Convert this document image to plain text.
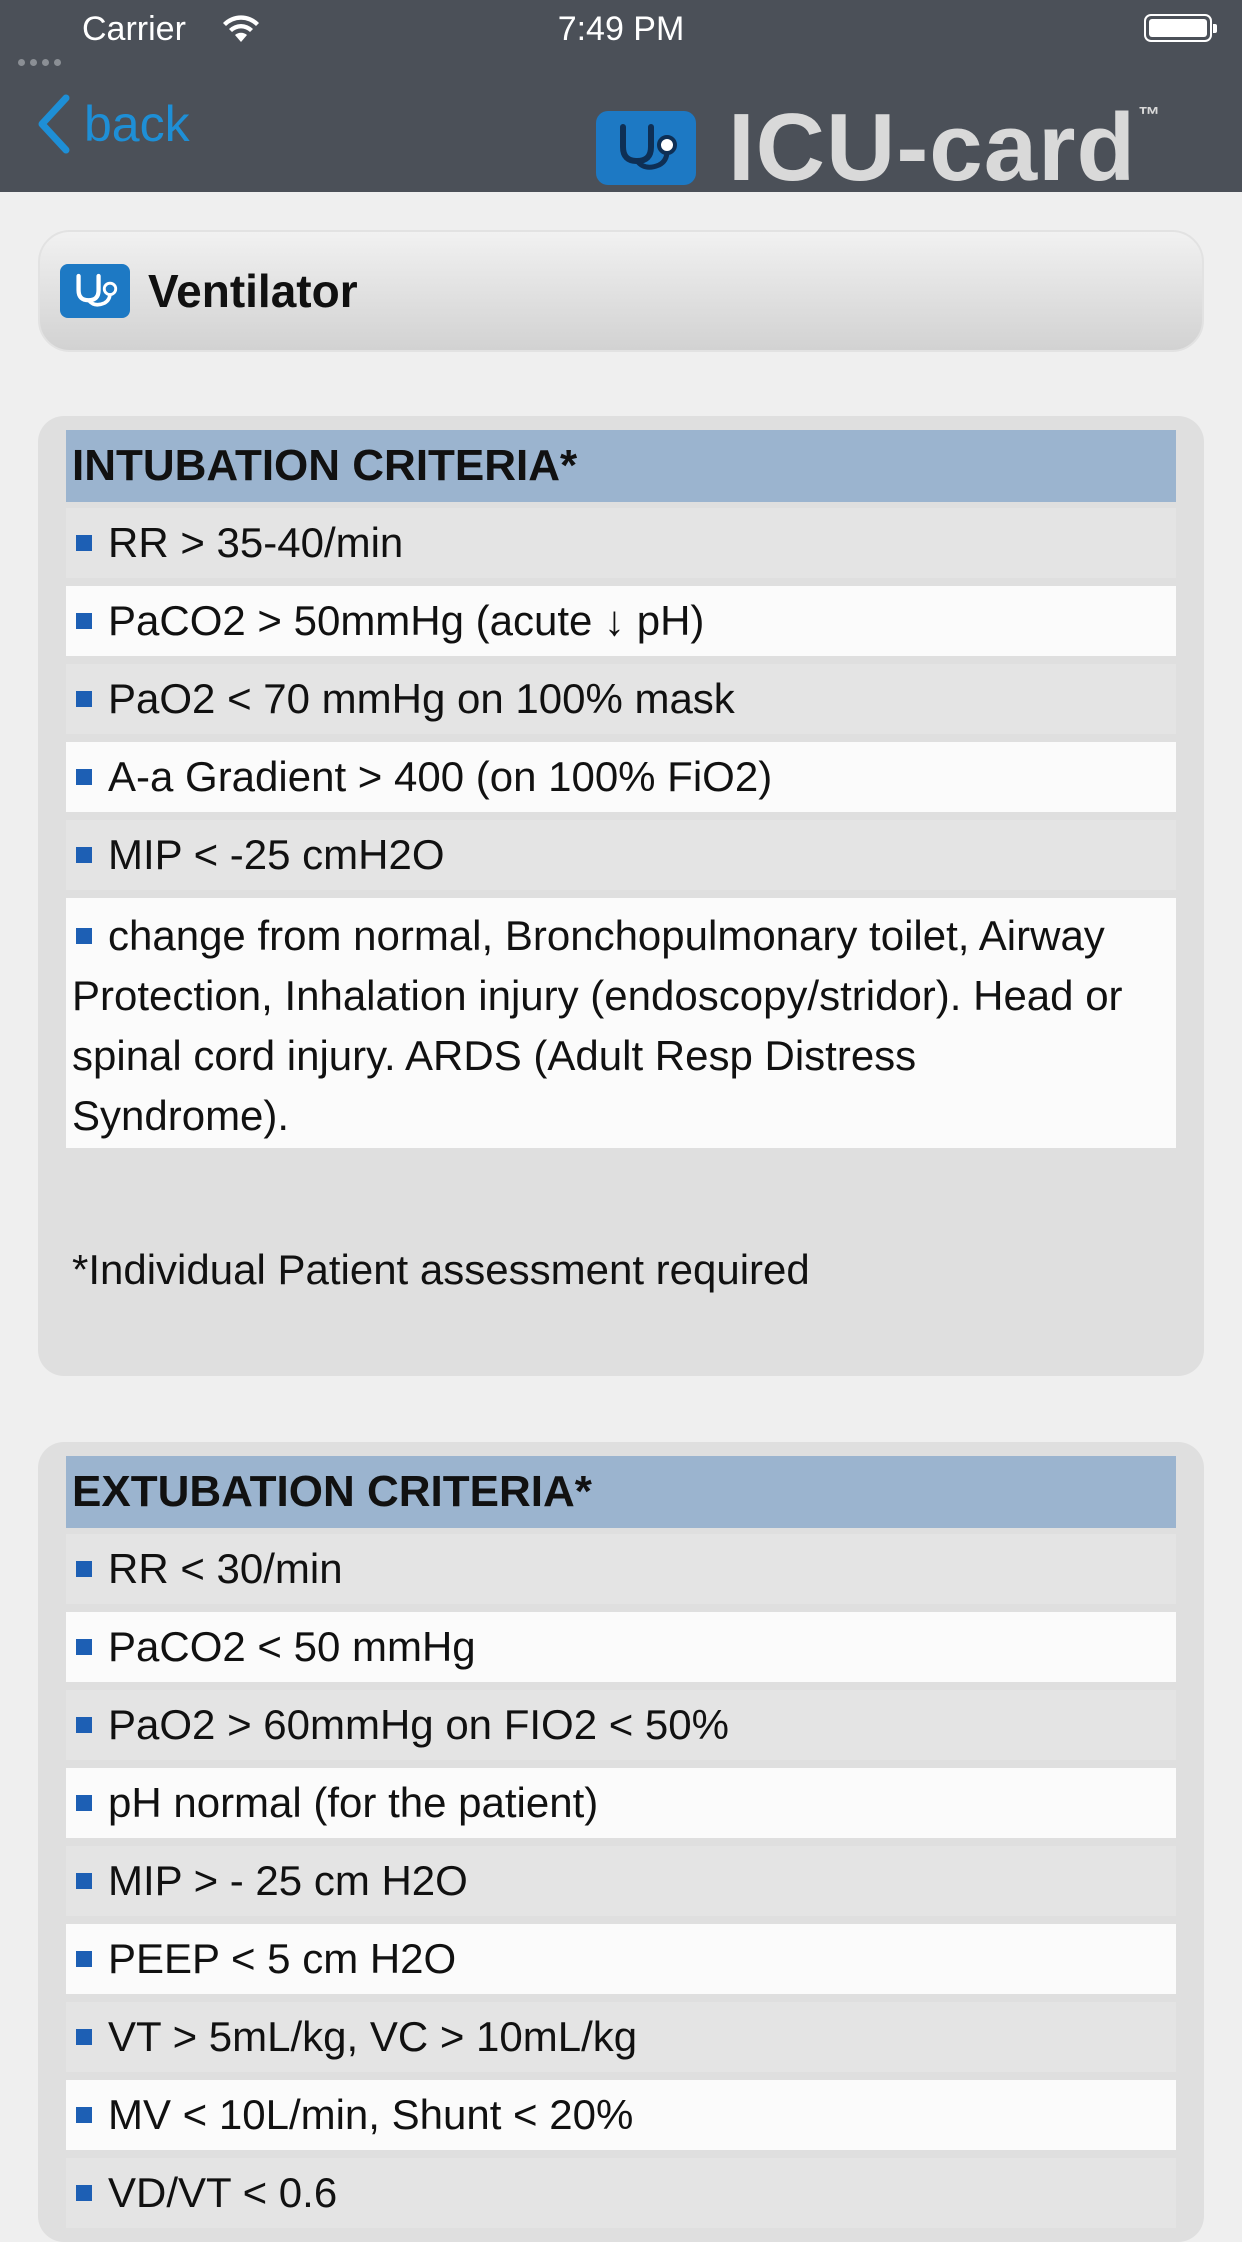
Carrier	7:49 PM
back	ICU-card™
Ventilator
INTUBATION CRITERIA*
RR > 35-40/min
PaCO2 > 50mmHg (acute ↓ pH)
PaO2 < 70 mmHg on 100% mask
A-a Gradient > 400 (on 100% FiO2)
MIP < -25 cmH2O
change from normal, Bronchopulmonary toilet, Airway Protection, Inhalation injury (endoscopy/stridor). Head or spinal cord injury. ARDS (Adult Resp Distress Syndrome).
*Individual Patient assessment required
EXTUBATION CRITERIA*
RR < 30/min
PaCO2 < 50 mmHg
PaO2 > 60mmHg on FIO2 < 50%
pH normal (for the patient)
MIP > - 25 cm H2O
PEEP < 5 cm H2O
VT > 5mL/kg, VC > 10mL/kg
MV < 10L/min, Shunt < 20%
VD/VT < 0.6
